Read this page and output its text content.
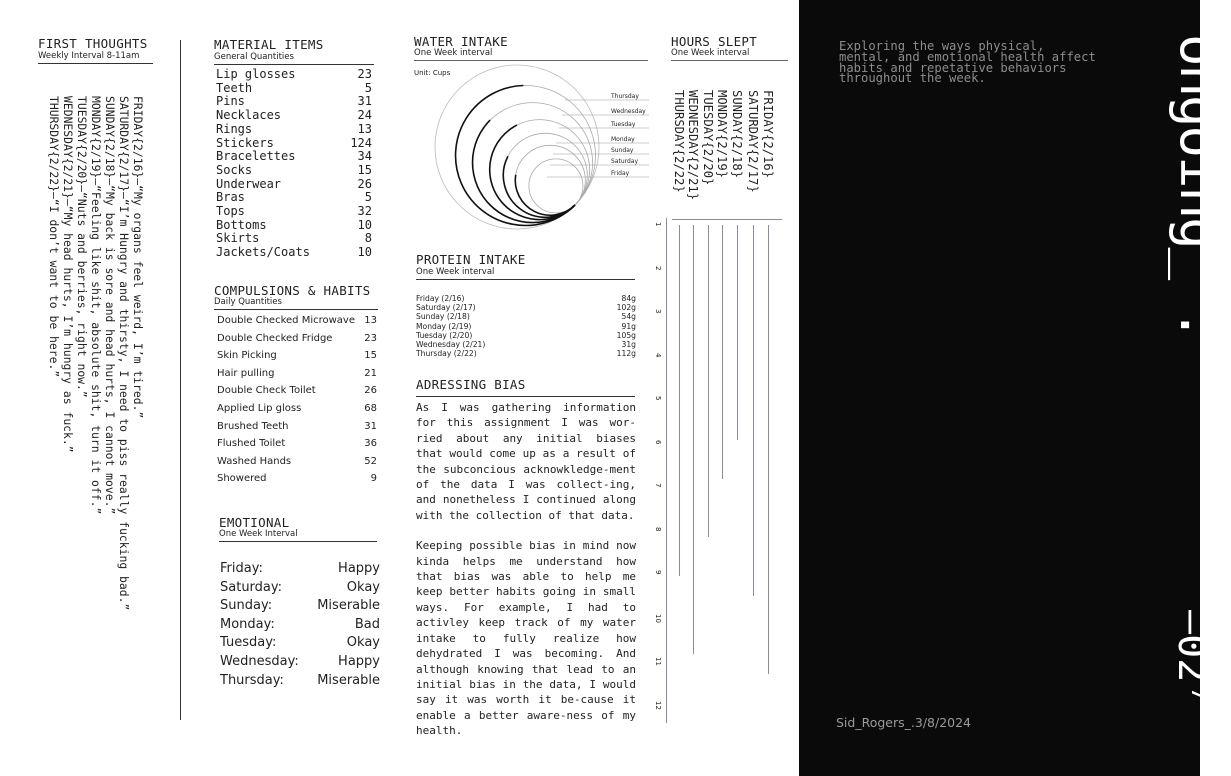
FIRST THOUGHTS
Weekly Interval 8-11am
FRIDAY{2/16}—“My organs feel weird, I’m tired.”
SATURDAY{2/17}—“I’m Hungry and thirsty, I need to piss really fucking bad.”
SUNDAY{2/18}—“My back is sore and head hurts, I cannot move.”
MONDAY{2/19}—“Feeling like shit, absolute shit, turn it off.”
TUESDAY{2/20}—“Nuts and berries, right now.”
WEDNESDAY{2/21}—“My head hurts, I’m hungry as fuck.”
THURSDAY{2/22}—“I don’t want to be here.”
MATERIAL ITEMS
General Quantities
Lip glosses	23
Teeth	5
Pins	31
Necklaces	24
Rings	13
Stickers	124
Bracelettes	34
Socks	15
Underwear	26
Bras	5
Tops	32
Bottoms	10
Skirts	8
Jackets/Coats	10
COMPULSIONS & HABITS
Daily Quantities
Double Checked Microwave 13
Double Checked Fridge	23
Skin Picking	15
Hair pulling	21
Double Check Toilet	26
Applied Lip gloss	68
Brushed Teeth	31
Flushed Toilet	36
Washed Hands	52
Showered	9
EMOTIONAL
One Week Interval
Friday:	Happy
Saturday:	Okay
Sunday:	Miserable
Monday:	Bad
Tuesday:	Okay
Wednesday:	Happy
Thursday:	Miserable
WATER INTAKE
One Week interval
Unit: Cups
Thursday
Wednesday
Tuesday
Monday
Sunday
Saturday
Friday
PROTEIN INTAKE
One Week interval
Friday (2/16)	84g
Saturday (2/17)	102g
Sunday (2/18)	54g
Monday (2/19)	91g
Tuesday (2/20)	105g
Wednesday (2/21)	31g
Thursday (2/22)	112g
ADRESSING BIAS

As I was gathering information for this assignment I was wor-ried about any initial biases that would come up as a result of the subconcious acknowkledge-ment of the data I was collect-ing, and nonetheless I continued along with the collection of that data.

Keeping possible bias in mind now kinda helps me understand how that bias was able to help me keep better habits going in small ways. For example, I had to activley keep track of my water intake to fully realize how dehydrated I was becoming. And although knowing that lead to an initial bias in the data, I would say it was worth it be-cause it enable a better aware-ness of my health.

HOURS SLEPT
One Week interval
FRIDAY{2/16}
SATURDAY{2/17}
SUNDAY{2/18}
MONDAY{2/19}
TUESDAY{2/20}
WEDNESDAY{2/21}
THURSDAY{2/22}
1
2
3
4
5
6
7
8
9
10
11
12
Exploring the ways physical, mental, and emotional health affect habits and repetative behaviors throughout the week.
Sid_Rogers_.3/8/2024
ongoing_ .
—02⁷
